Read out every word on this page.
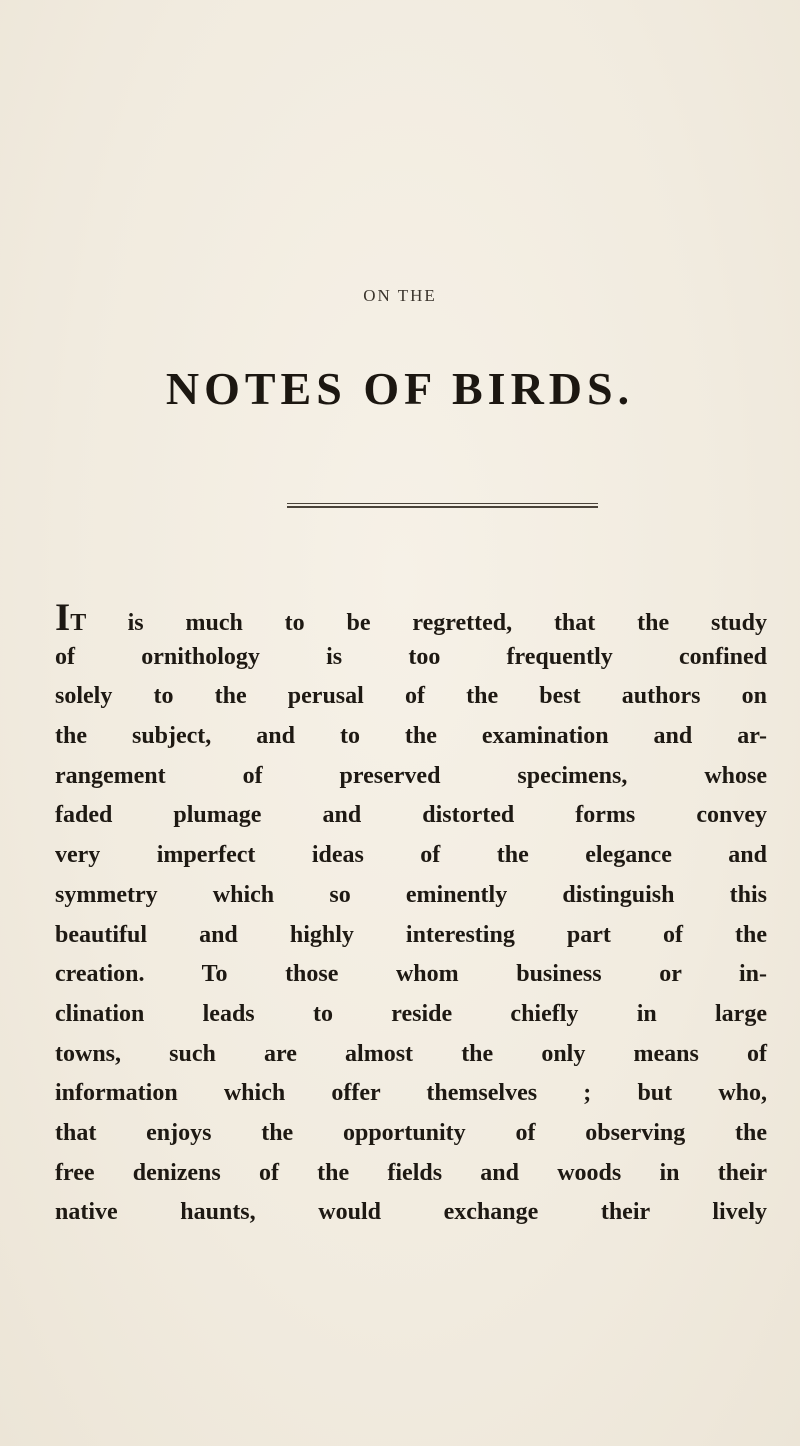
ON THE
NOTES OF BIRDS.
IT is much to be regretted, that the study
of ornithology is too frequently confined
solely to the perusal of the best authors on
the subject, and to the examination and ar-
rangement of preserved specimens, whose
faded plumage and distorted forms convey
very imperfect ideas of the elegance and
symmetry which so eminently distinguish this
beautiful and highly interesting part of the
creation. To those whom business or in-
clination leads to reside chiefly in large
towns, such are almost the only means of
information which offer themselves ; but who,
that enjoys the opportunity of observing the
free denizens of the fields and woods in their
native haunts, would exchange their lively
